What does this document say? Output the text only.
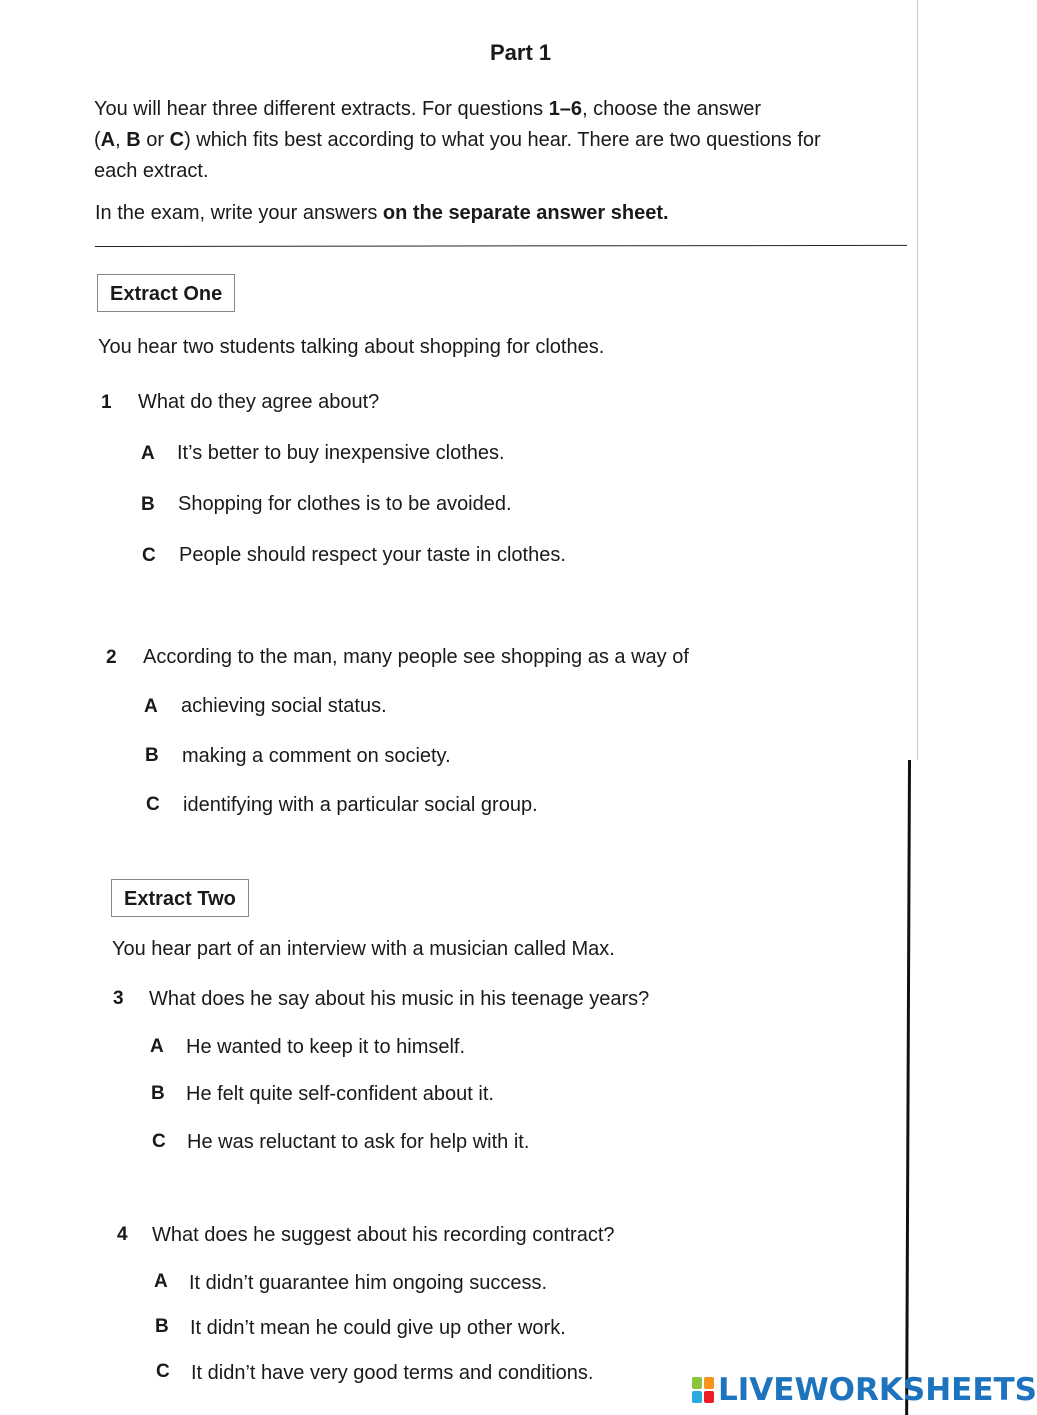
Part 1
You will hear three different extracts. For questions 1–6, choose the answer
(A, B or C) which fits best according to what you hear. There are two questions for
each extract.
In the exam, write your answers on the separate answer sheet.
Extract One
You hear two students talking about shopping for clothes.
1 What do they agree about?
A It’s better to buy inexpensive clothes.
B Shopping for clothes is to be avoided.
C People should respect your taste in clothes.
2 According to the man, many people see shopping as a way of
A achieving social status.
B making a comment on society.
C identifying with a particular social group.
Extract Two
You hear part of an interview with a musician called Max.
3 What does he say about his music in his teenage years?
A He wanted to keep it to himself.
B He felt quite self-confident about it.
C He was reluctant to ask for help with it.
4 What does he suggest about his recording contract?
A It didn’t guarantee him ongoing success.
B It didn’t mean he could give up other work.
C It didn’t have very good terms and conditions.	LIVEWORKSHEETS
